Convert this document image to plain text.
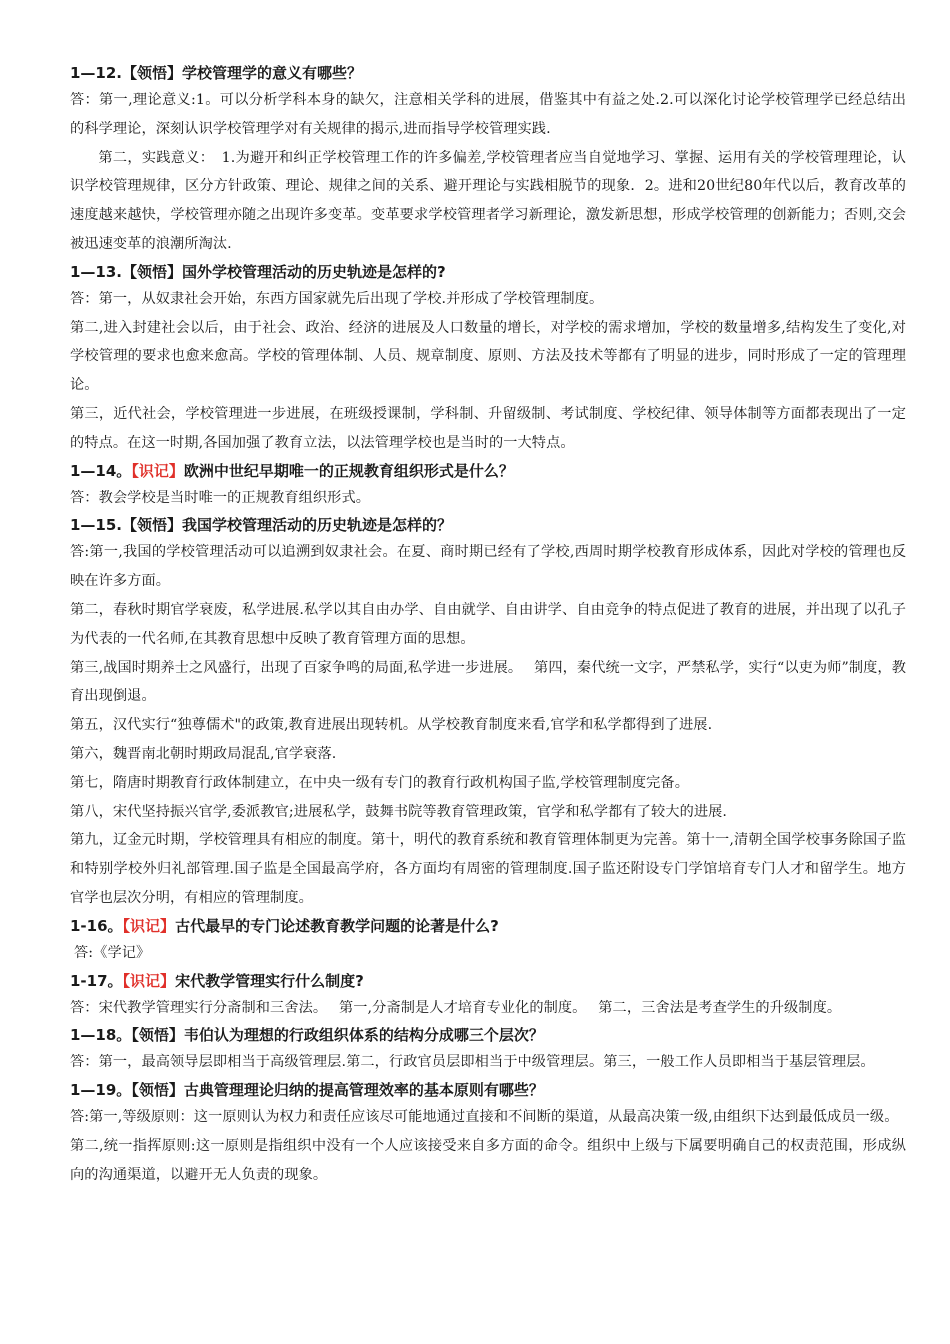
1—12.【领悟】学校管理学的意义有哪些？

答：第一,理论意义:1。可以分析学科本身的缺欠，注意相关学科的进展，借鉴其中有益之处.2.可以深化讨论学校管理学已经总结出的科学理论，深刻认识学校管理学对有关规律的揭示,进而指导学校管理实践.

第二，实践意义：　1.为避开和纠正学校管理工作的许多偏差,学校管理者应当自觉地学习、掌握、运用有关的学校管理理论，认识学校管理规律，区分方针政策、理论、规律之间的关系、避开理论与实践相脱节的现象．2。进和20世纪80年代以后，教育改革的速度越来越快，学校管理亦随之出现许多变革。变革要求学校管理者学习新理论，激发新思想，形成学校管理的创新能力；否则,交会被迅速变革的浪潮所淘汰.

1—13.【领悟】国外学校管理活动的历史轨迹是怎样的?

答：第一，从奴隶社会开始，东西方国家就先后出现了学校.并形成了学校管理制度。

第二,进入封建社会以后，由于社会、政治、经济的进展及人口数量的增长，对学校的需求增加，学校的数量增多,结构发生了变化,对学校管理的要求也愈来愈高。学校的管理体制、人员、规章制度、原则、方法及技术等都有了明显的进步，同时形成了一定的管理理论。

第三，近代社会，学校管理进一步进展，在班级授课制，学科制、升留级制、考试制度、学校纪律、领导体制等方面都表现出了一定的特点。在这一时期,各国加强了教育立法，以法管理学校也是当时的一大特点。

1—14。【识记】欧洲中世纪早期唯一的正规教育组织形式是什么？

答：教会学校是当时唯一的正规教育组织形式。

1—15.【领悟】我国学校管理活动的历史轨迹是怎样的？

答:第一,我国的学校管理活动可以追溯到奴隶社会。在夏、商时期已经有了学校,西周时期学校教育形成体系，因此对学校的管理也反映在许多方面。

第二，春秋时期官学衰废，私学进展.私学以其自由办学、自由就学、自由讲学、自由竞争的特点促进了教育的进展，并出现了以孔子为代表的一代名师,在其教育思想中反映了教育管理方面的思想。

第三,战国时期养士之风盛行，出现了百家争鸣的局面,私学进一步进展。　 第四，秦代统一文字，严禁私学，实行“以吏为师”制度，教育出现倒退。

第五，汉代实行“独尊儒术"的政策,教育进展出现转机。从学校教育制度来看,官学和私学都得到了进展.

第六，魏晋南北朝时期政局混乱,官学衰落.

第七，隋唐时期教育行政体制建立，在中央一级有专门的教育行政机构国子监,学校管理制度完备。

第八，宋代坚持振兴官学,委派教官;进展私学，鼓舞书院等教育管理政策，官学和私学都有了较大的进展.

第九，辽金元时期，学校管理具有相应的制度。第十，明代的教育系统和教育管理体制更为完善。第十一,清朝全国学校事务除国子监和特别学校外归礼部管理.国子监是全国最高学府，各方面均有周密的管理制度.国子监还附设专门学馆培育专门人才和留学生。地方官学也层次分明，有相应的管理制度。

1-16。【识记】古代最早的专门论述教育教学问题的论著是什么?

答:《学记》

1-17。【识记】宋代教学管理实行什么制度?

答：宋代教学管理实行分斋制和三舍法。　 第一,分斋制是人才培育专业化的制度。　 第二，三舍法是考查学生的升级制度。

1—18。【领悟】韦伯认为理想的行政组织体系的结构分成哪三个层次？

答：第一，最高领导层即相当于高级管理层.第二，行政官员层即相当于中级管理层。第三，一般工作人员即相当于基层管理层。

1—19。【领悟】古典管理理论归纳的提高管理效率的基本原则有哪些？

答:第一,等级原则：这一原则认为权力和责任应该尽可能地通过直接和不间断的渠道，从最高决策一级,由组织下达到最低成员一级。

第二,统一指挥原则:这一原则是指组织中没有一个人应该接受来自多方面的命令。组织中上级与下属要明确自己的权责范围，形成纵向的沟通渠道，以避开无人负责的现象。
